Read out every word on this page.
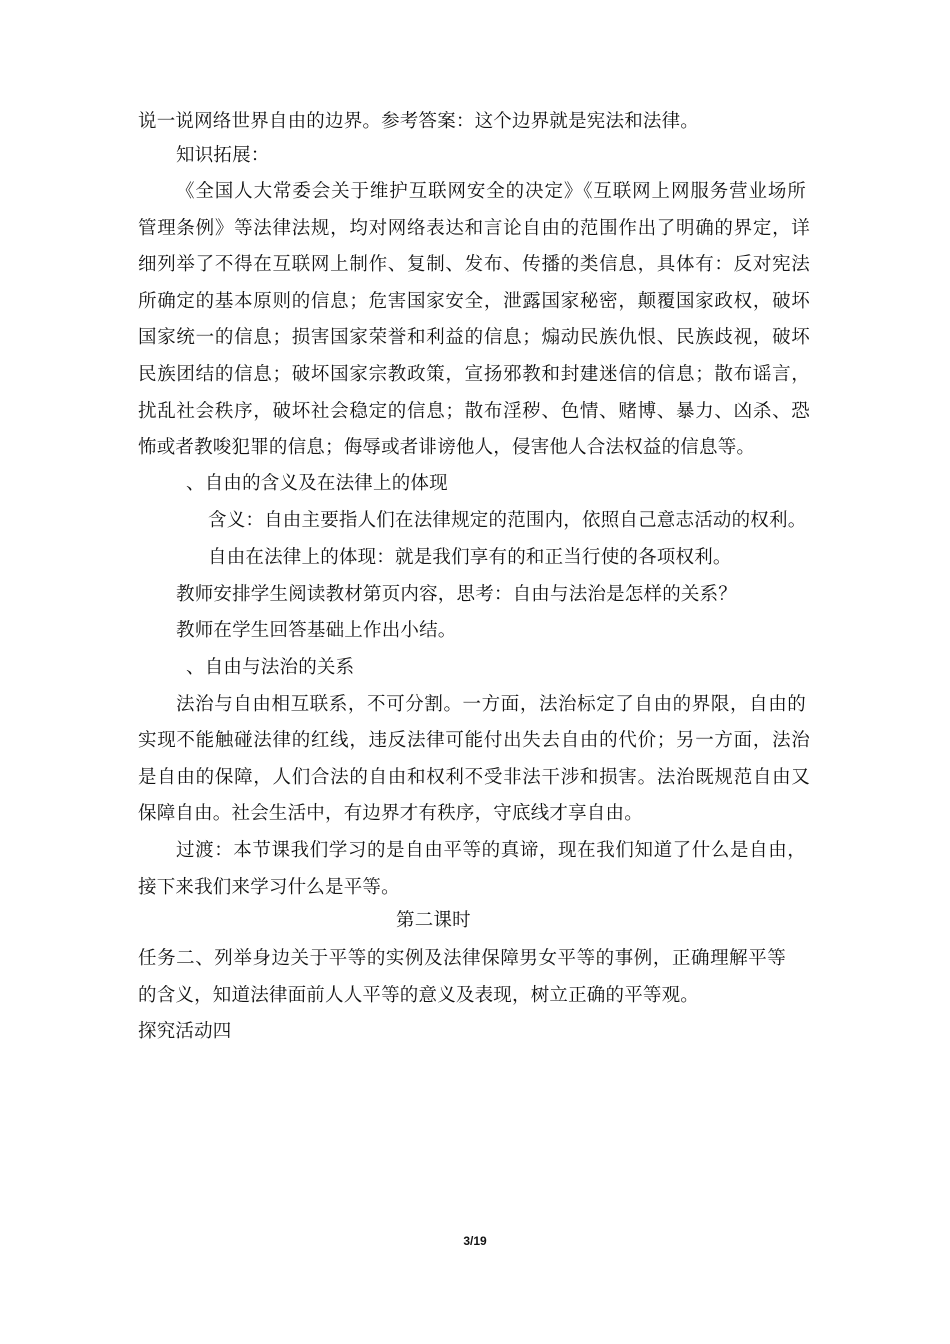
说一说网络世界自由的边界。参考答案：这个边界就是宪法和法律。
知识拓展：
《全国人大常委会关于维护互联网安全的决定》《互联网上网服务营业场所
管理条例》等法律法规，均对网络表达和言论自由的范围作出了明确的界定，详
细列举了不得在互联网上制作、复制、发布、传播的类信息，具体有：反对宪法
所确定的基本原则的信息；危害国家安全，泄露国家秘密，颠覆国家政权，破坏
国家统一的信息；损害国家荣誉和利益的信息；煽动民族仇恨、民族歧视，破坏
民族团结的信息；破坏国家宗教政策，宣扬邪教和封建迷信的信息；散布谣言，
扰乱社会秩序，破坏社会稳定的信息；散布淫秽、色情、赌博、暴力、凶杀、恐
怖或者教唆犯罪的信息；侮辱或者诽谤他人，侵害他人合法权益的信息等。
、自由的含义及在法律上的体现
含义：自由主要指人们在法律规定的范围内，依照自己意志活动的权利。
自由在法律上的体现：就是我们享有的和正当行使的各项权利。
教师安排学生阅读教材第页内容，思考：自由与法治是怎样的关系？
教师在学生回答基础上作出小结。
、自由与法治的关系
法治与自由相互联系，不可分割。一方面，法治标定了自由的界限，自由的
实现不能触碰法律的红线，违反法律可能付出失去自由的代价；另一方面，法治
是自由的保障，人们合法的自由和权利不受非法干涉和损害。法治既规范自由又
保障自由。社会生活中，有边界才有秩序，守底线才享自由。
过渡：本节课我们学习的是自由平等的真谛，现在我们知道了什么是自由，
接下来我们来学习什么是平等。
第二课时
任务二、列举身边关于平等的实例及法律保障男女平等的事例，正确理解平等
的含义，知道法律面前人人平等的意义及表现，树立正确的平等观。
探究活动四
3/19
